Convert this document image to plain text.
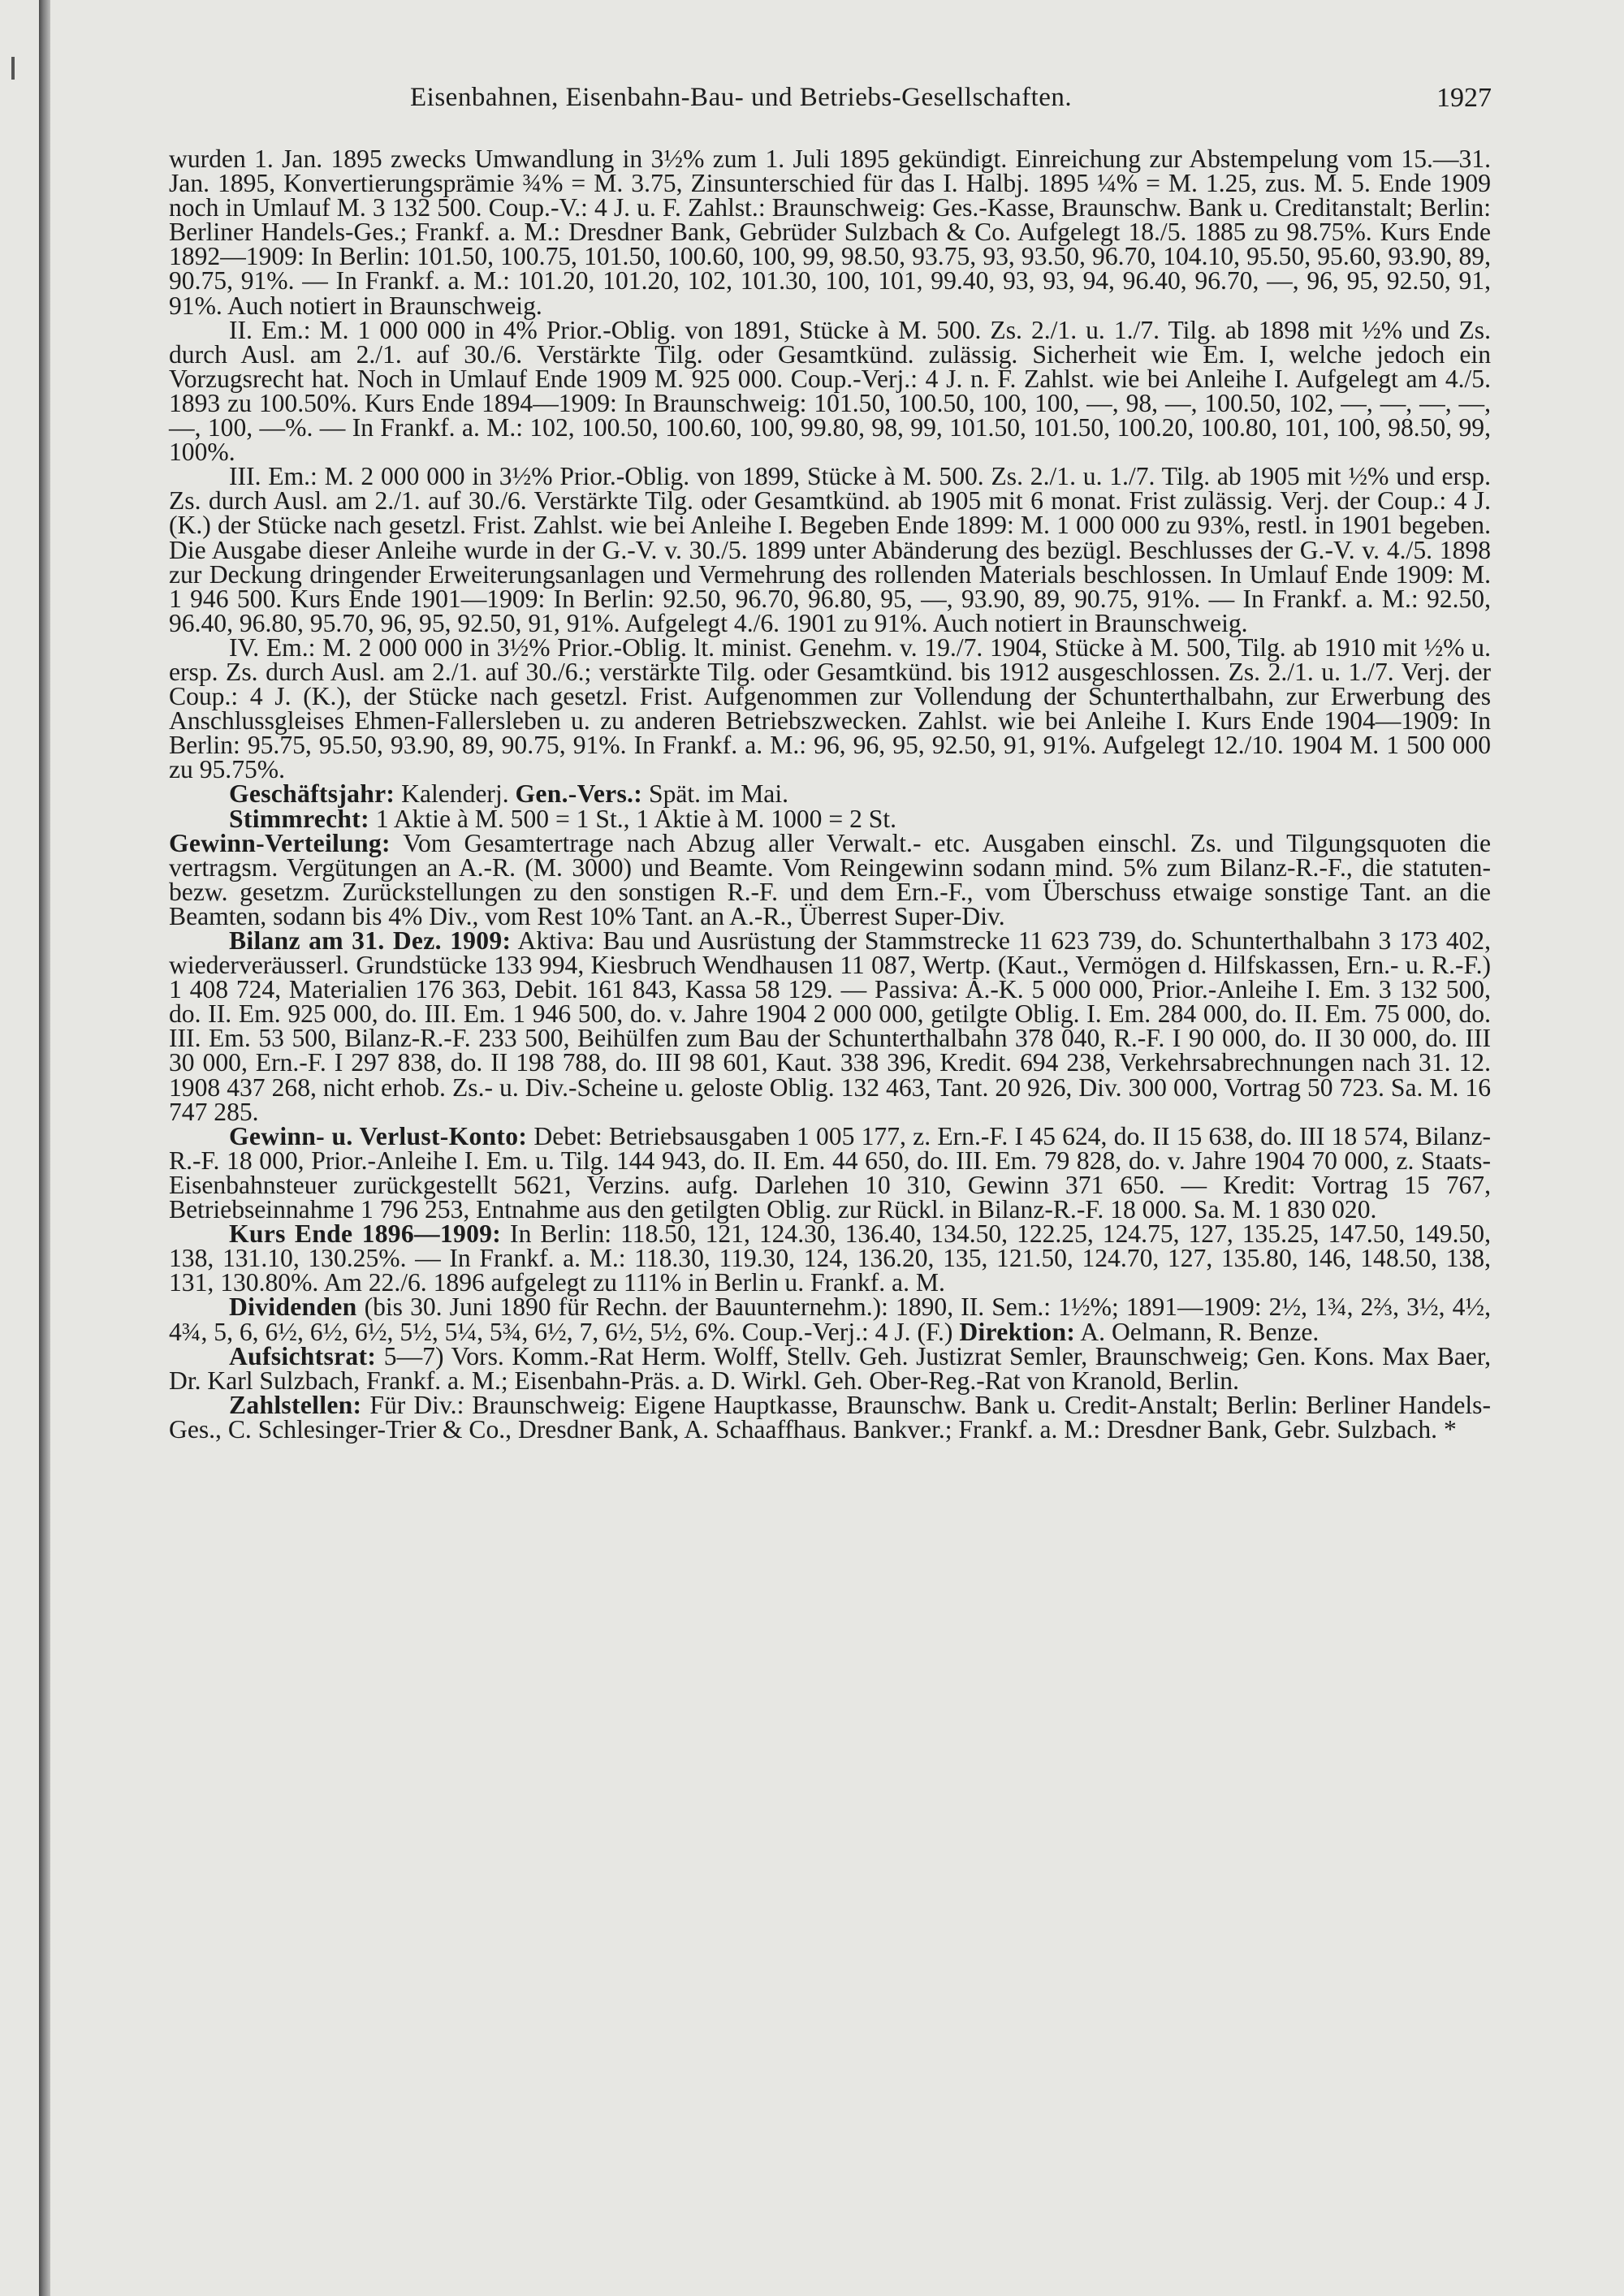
Eisenbahnen, Eisenbahn-Bau- und Betriebs-Gesellschaften.	1927

wurden 1. Jan. 1895 zwecks Umwandlung in 3½% zum 1. Juli 1895 gekündigt. Einreichung zur Abstempelung vom 15.—31. Jan. 1895, Konvertierungsprämie ¾% = M. 3.75, Zinsunterschied für das I. Halbj. 1895 ¼% = M. 1.25, zus. M. 5. Ende 1909 noch in Umlauf M. 3 132 500. Coup.-V.: 4 J. u. F. Zahlst.: Braunschweig: Ges.-Kasse, Braunschw. Bank u. Creditanstalt; Berlin: Berliner Handels-Ges.; Frankf. a. M.: Dresdner Bank, Gebrüder Sulzbach & Co. Aufgelegt 18./5. 1885 zu 98.75%. Kurs Ende 1892—1909: In Berlin: 101.50, 100.75, 101.50, 100.60, 100, 99, 98.50, 93.75, 93, 93.50, 96.70, 104.10, 95.50, 95.60, 93.90, 89, 90.75, 91%. — In Frankf. a. M.: 101.20, 101.20, 102, 101.30, 100, 101, 99.40, 93, 93, 94, 96.40, 96.70, —, 96, 95, 92.50, 91, 91%. Auch notiert in Braunschweig.

II. Em.: M. 1 000 000 in 4% Prior.-Oblig. von 1891, Stücke à M. 500. Zs. 2./1. u. 1./7. Tilg. ab 1898 mit ½% und Zs. durch Ausl. am 2./1. auf 30./6. Verstärkte Tilg. oder Gesamtkünd. zulässig. Sicherheit wie Em. I, welche jedoch ein Vorzugsrecht hat. Noch in Umlauf Ende 1909 M. 925 000. Coup.-Verj.: 4 J. n. F. Zahlst. wie bei Anleihe I. Aufgelegt am 4./5. 1893 zu 100.50%. Kurs Ende 1894—1909: In Braunschweig: 101.50, 100.50, 100, 100, —, 98, —, 100.50, 102, —, —, —, —, —, 100, —%. — In Frankf. a. M.: 102, 100.50, 100.60, 100, 99.80, 98, 99, 101.50, 101.50, 100.20, 100.80, 101, 100, 98.50, 99, 100%.

III. Em.: M. 2 000 000 in 3½% Prior.-Oblig. von 1899, Stücke à M. 500. Zs. 2./1. u. 1./7. Tilg. ab 1905 mit ½% und ersp. Zs. durch Ausl. am 2./1. auf 30./6. Verstärkte Tilg. oder Gesamtkünd. ab 1905 mit 6 monat. Frist zulässig. Verj. der Coup.: 4 J. (K.) der Stücke nach gesetzl. Frist. Zahlst. wie bei Anleihe I. Begeben Ende 1899: M. 1 000 000 zu 93%, restl. in 1901 begeben. Die Ausgabe dieser Anleihe wurde in der G.-V. v. 30./5. 1899 unter Abänderung des bezügl. Beschlusses der G.-V. v. 4./5. 1898 zur Deckung dringender Erweiterungsanlagen und Vermehrung des rollenden Materials beschlossen. In Umlauf Ende 1909: M. 1 946 500. Kurs Ende 1901—1909: In Berlin: 92.50, 96.70, 96.80, 95, —, 93.90, 89, 90.75, 91%. — In Frankf. a. M.: 92.50, 96.40, 96.80, 95.70, 96, 95, 92.50, 91, 91%. Aufgelegt 4./6. 1901 zu 91%. Auch notiert in Braunschweig.

IV. Em.: M. 2 000 000 in 3½% Prior.-Oblig. lt. minist. Genehm. v. 19./7. 1904, Stücke à M. 500, Tilg. ab 1910 mit ½% u. ersp. Zs. durch Ausl. am 2./1. auf 30./6.; verstärkte Tilg. oder Gesamtkünd. bis 1912 ausgeschlossen. Zs. 2./1. u. 1./7. Verj. der Coup.: 4 J. (K.), der Stücke nach gesetzl. Frist. Aufgenommen zur Vollendung der Schunterthalbahn, zur Erwerbung des Anschlussgleises Ehmen-Fallersleben u. zu anderen Betriebszwecken. Zahlst. wie bei Anleihe I. Kurs Ende 1904—1909: In Berlin: 95.75, 95.50, 93.90, 89, 90.75, 91%. In Frankf. a. M.: 96, 96, 95, 92.50, 91, 91%. Aufgelegt 12./10. 1904 M. 1 500 000 zu 95.75%.

Geschäftsjahr: Kalenderj. Gen.-Vers.: Spät. im Mai.

Stimmrecht: 1 Aktie à M. 500 = 1 St., 1 Aktie à M. 1000 = 2 St.

Gewinn-Verteilung: Vom Gesamtertrage nach Abzug aller Verwalt.- etc. Ausgaben einschl. Zs. und Tilgungsquoten die vertragsm. Vergütungen an A.-R. (M. 3000) und Beamte. Vom Reingewinn sodann mind. 5% zum Bilanz-R.-F., die statuten- bezw. gesetzm. Zurückstellungen zu den sonstigen R.-F. und dem Ern.-F., vom Überschuss etwaige sonstige Tant. an die Beamten, sodann bis 4% Div., vom Rest 10% Tant. an A.-R., Überrest Super-Div.

Bilanz am 31. Dez. 1909: Aktiva: Bau und Ausrüstung der Stammstrecke 11 623 739, do. Schunterthalbahn 3 173 402, wiederveräusserl. Grundstücke 133 994, Kiesbruch Wendhausen 11 087, Wertp. (Kaut., Vermögen d. Hilfskassen, Ern.- u. R.-F.) 1 408 724, Materialien 176 363, Debit. 161 843, Kassa 58 129. — Passiva: A.-K. 5 000 000, Prior.-Anleihe I. Em. 3 132 500, do. II. Em. 925 000, do. III. Em. 1 946 500, do. v. Jahre 1904 2 000 000, getilgte Oblig. I. Em. 284 000, do. II. Em. 75 000, do. III. Em. 53 500, Bilanz-R.-F. 233 500, Beihülfen zum Bau der Schunterthalbahn 378 040, R.-F. I 90 000, do. II 30 000, do. III 30 000, Ern.-F. I 297 838, do. II 198 788, do. III 98 601, Kaut. 338 396, Kredit. 694 238, Verkehrsabrechnungen nach 31. 12. 1908 437 268, nicht erhob. Zs.- u. Div.-Scheine u. geloste Oblig. 132 463, Tant. 20 926, Div. 300 000, Vortrag 50 723. Sa. M. 16 747 285.

Gewinn- u. Verlust-Konto: Debet: Betriebsausgaben 1 005 177, z. Ern.-F. I 45 624, do. II 15 638, do. III 18 574, Bilanz-R.-F. 18 000, Prior.-Anleihe I. Em. u. Tilg. 144 943, do. II. Em. 44 650, do. III. Em. 79 828, do. v. Jahre 1904 70 000, z. Staats-Eisenbahnsteuer zurückgestellt 5621, Verzins. aufg. Darlehen 10 310, Gewinn 371 650. — Kredit: Vortrag 15 767, Betriebseinnahme 1 796 253, Entnahme aus den getilgten Oblig. zur Rückl. in Bilanz-R.-F. 18 000. Sa. M. 1 830 020.

Kurs Ende 1896—1909: In Berlin: 118.50, 121, 124.30, 136.40, 134.50, 122.25, 124.75, 127, 135.25, 147.50, 149.50, 138, 131.10, 130.25%. — In Frankf. a. M.: 118.30, 119.30, 124, 136.20, 135, 121.50, 124.70, 127, 135.80, 146, 148.50, 138, 131, 130.80%. Am 22./6. 1896 aufgelegt zu 111% in Berlin u. Frankf. a. M.

Dividenden (bis 30. Juni 1890 für Rechn. der Bauunternehm.): 1890, II. Sem.: 1½%; 1891—1909: 2½, 1¾, 2⅔, 3½, 4½, 4¾, 5, 6, 6½, 6½, 6½, 5½, 5¼, 5¾, 6½, 7, 6½, 5½, 6%. Coup.-Verj.: 4 J. (F.) Direktion: A. Oelmann, R. Benze.

Aufsichtsrat: 5—7) Vors. Komm.-Rat Herm. Wolff, Stellv. Geh. Justizrat Semler, Braunschweig; Gen. Kons. Max Baer, Dr. Karl Sulzbach, Frankf. a. M.; Eisenbahn-Präs. a. D. Wirkl. Geh. Ober-Reg.-Rat von Kranold, Berlin.

Zahlstellen: Für Div.: Braunschweig: Eigene Hauptkasse, Braunschw. Bank u. Credit-Anstalt; Berlin: Berliner Handels-Ges., C. Schlesinger-Trier & Co., Dresdner Bank, A. Schaaffhaus. Bankver.; Frankf. a. M.: Dresdner Bank, Gebr. Sulzbach. *
